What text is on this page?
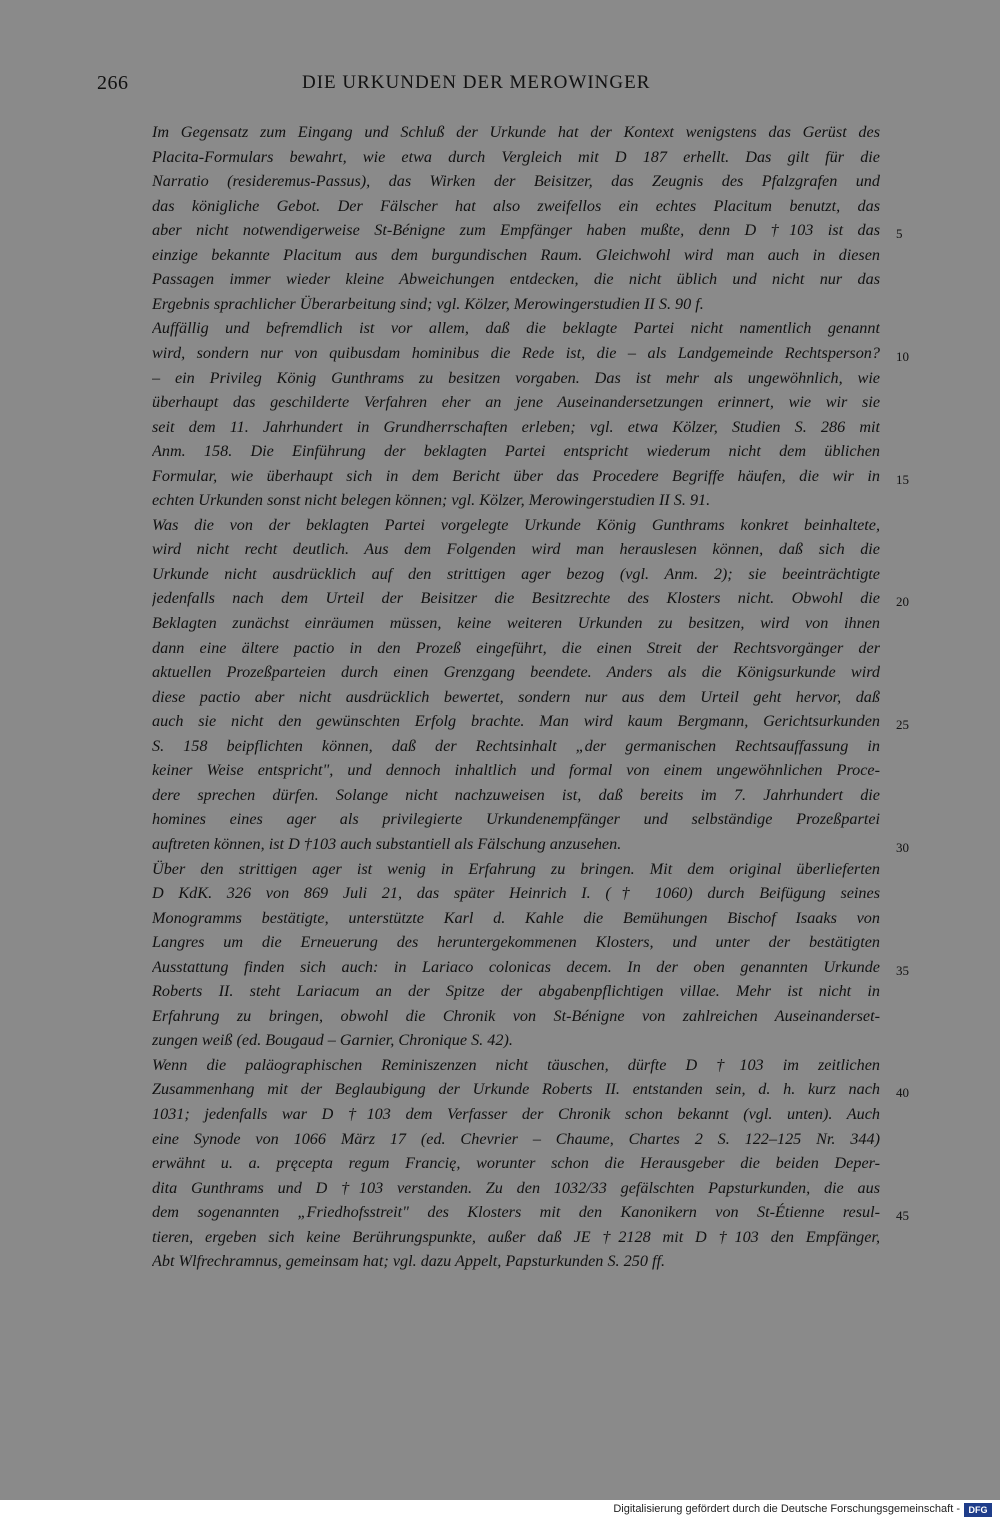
266	DIE URKUNDEN DER MEROWINGER
Im Gegensatz zum Eingang und Schluß der Urkunde hat der Kontext wenigstens das Gerüst des
Placita-Formulars bewahrt, wie etwa durch Vergleich mit D 187 erhellt. Das gilt für die
Narratio (resideremus-Passus), das Wirken der Beisitzer, das Zeugnis des Pfalzgrafen und
das königliche Gebot. Der Fälscher hat also zweifellos ein echtes Placitum benutzt, das
aber nicht notwendigerweise St-Bénigne zum Empfänger haben mußte, denn D †103 ist das
einzige bekannte Placitum aus dem burgundischen Raum. Gleichwohl wird man auch in diesen
Passagen immer wieder kleine Abweichungen entdecken, die nicht üblich und nicht nur das
Ergebnis sprachlicher Überarbeitung sind; vgl. Kölzer, Merowingerstudien II S. 90 f.
Auffällig und befremdlich ist vor allem, daß die beklagte Partei nicht namentlich genannt
wird, sondern nur von quibusdam hominibus die Rede ist, die – als Landgemeinde Rechtsperson?
– ein Privileg König Gunthrams zu besitzen vorgaben. Das ist mehr als ungewöhnlich, wie
überhaupt das geschilderte Verfahren eher an jene Auseinandersetzungen erinnert, wie wir sie
seit dem 11. Jahrhundert in Grundherrschaften erleben; vgl. etwa Kölzer, Studien S. 286 mit
Anm. 158. Die Einführung der beklagten Partei entspricht wiederum nicht dem üblichen
Formular, wie überhaupt sich in dem Bericht über das Procedere Begriffe häufen, die wir in
echten Urkunden sonst nicht belegen können; vgl. Kölzer, Merowingerstudien II S. 91.
Was die von der beklagten Partei vorgelegte Urkunde König Gunthrams konkret beinhaltete,
wird nicht recht deutlich. Aus dem Folgenden wird man herauslesen können, daß sich die
Urkunde nicht ausdrücklich auf den strittigen ager bezog (vgl. Anm. 2); sie beeinträchtigte
jedenfalls nach dem Urteil der Beisitzer die Besitzrechte des Klosters nicht. Obwohl die
Beklagten zunächst einräumen müssen, keine weiteren Urkunden zu besitzen, wird von ihnen
dann eine ältere pactio in den Prozeß eingeführt, die einen Streit der Rechtsvorgänger der
aktuellen Prozeßparteien durch einen Grenzgang beendete. Anders als die Königsurkunde wird
diese pactio aber nicht ausdrücklich bewertet, sondern nur aus dem Urteil geht hervor, daß
auch sie nicht den gewünschten Erfolg brachte. Man wird kaum Bergmann, Gerichtsurkunden
S. 158 beipflichten können, daß der Rechtsinhalt „der germanischen Rechtsauffassung in
keiner Weise entspricht", und dennoch inhaltlich und formal von einem ungewöhnlichen Proce-
dere sprechen dürfen. Solange nicht nachzuweisen ist, daß bereits im 7. Jahrhundert die
homines eines ager als privilegierte Urkundenempfänger und selbständige Prozeßpartei
auftreten können, ist D †103 auch substantiell als Fälschung anzusehen.
Über den strittigen ager ist wenig in Erfahrung zu bringen. Mit dem original überlieferten
D KdK. 326 von 869 Juli 21, das später Heinrich I. († 1060) durch Beifügung seines
Monogramms bestätigte, unterstützte Karl d. Kahle die Bemühungen Bischof Isaaks von
Langres um die Erneuerung des heruntergekommenen Klosters, und unter der bestätigten
Ausstattung finden sich auch: in Lariaco colonicas decem. In der oben genannten Urkunde
Roberts II. steht Lariacum an der Spitze der abgabenpflichtigen villae. Mehr ist nicht in
Erfahrung zu bringen, obwohl die Chronik von St-Bénigne von zahlreichen Auseinanderset-
zungen weiß (ed. Bougaud – Garnier, Chronique S. 42).
Wenn die paläographischen Reminiszenzen nicht täuschen, dürfte D †103 im zeitlichen
Zusammenhang mit der Beglaubigung der Urkunde Roberts II. entstanden sein, d. h. kurz nach
1031; jedenfalls war D †103 dem Verfasser der Chronik schon bekannt (vgl. unten). Auch
eine Synode von 1066 März 17 (ed. Chevrier – Chaume, Chartes 2 S. 122–125 Nr. 344)
erwähnt u. a. pręcepta regum Francię, worunter schon die Herausgeber die beiden Deper-
dita Gunthrams und D †103 verstanden. Zu den 1032/33 gefälschten Papsturkunden, die aus
dem sogenannten „Friedhofsstreit" des Klosters mit den Kanonikern von St-Étienne resul-
tieren, ergeben sich keine Berührungspunkte, außer daß JE †2128 mit D †103 den Empfänger,
Abt Wlfrechramnus, gemeinsam hat; vgl. dazu Appelt, Papsturkunden S. 250 ff.
5
10
15
20
25
30
35
40
45
Digitalisierung gefördert durch die Deutsche Forschungsgemeinschaft - DFG
